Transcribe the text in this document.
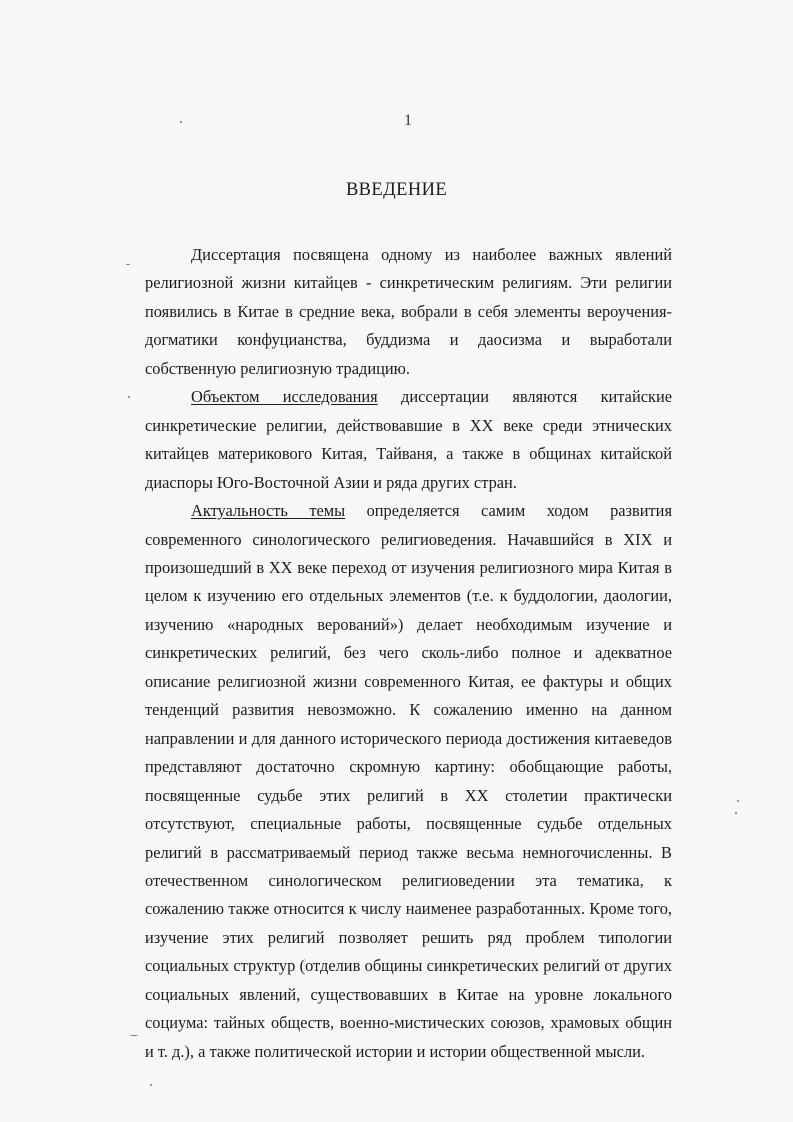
1
ВВЕДЕНИЕ

Диссертация посвящена одному из наиболее важных явлений религиозной жизни китайцев - синкретическим религиям. Эти религии появились в Китае в средние века, вобрали в себя элементы вероучения-догматики конфуцианства, буддизма и даосизма и выработали собственную религиозную традицию.

Объектом исследования диссертации являются китайские синкретические религии, действовавшие в XX веке среди этнических китайцев материкового Китая, Тайваня, а также в общинах китайской диаспоры Юго-Восточной Азии и ряда других стран.

Актуальность темы определяется самим ходом развития современного синологического религиоведения. Начавшийся в XIX и произошедший в XX веке переход от изучения религиозного мира Китая в целом к изучению его отдельных элементов (т.е. к буддологии, даологии, изучению «народных верований») делает необходимым изучение и синкретических религий, без чего сколь-либо полное и адекватное описание религиозной жизни современного Китая, ее фактуры и общих тенденций развития невозможно. К сожалению именно на данном направлении и для данного исторического периода достижения китаеведов представляют достаточно скромную картину: обобщающие работы, посвященные судьбе этих религий в XX столетии практически отсутствуют, специальные работы, посвященные судьбе отдельных религий в рассматриваемый период также весьма немногочисленны. В отечественном синологическом религиоведении эта тематика, к сожалению также относится к числу наименее разработанных. Кроме того, изучение этих религий позволяет решить ряд проблем типологии социальных структур (отделив общины синкретических религий от других социальных явлений, существовавших в Китае на уровне локального социума: тайных обществ, военно-мистических союзов, храмовых общин и т. д.), а также политической истории и истории общественной мысли.
